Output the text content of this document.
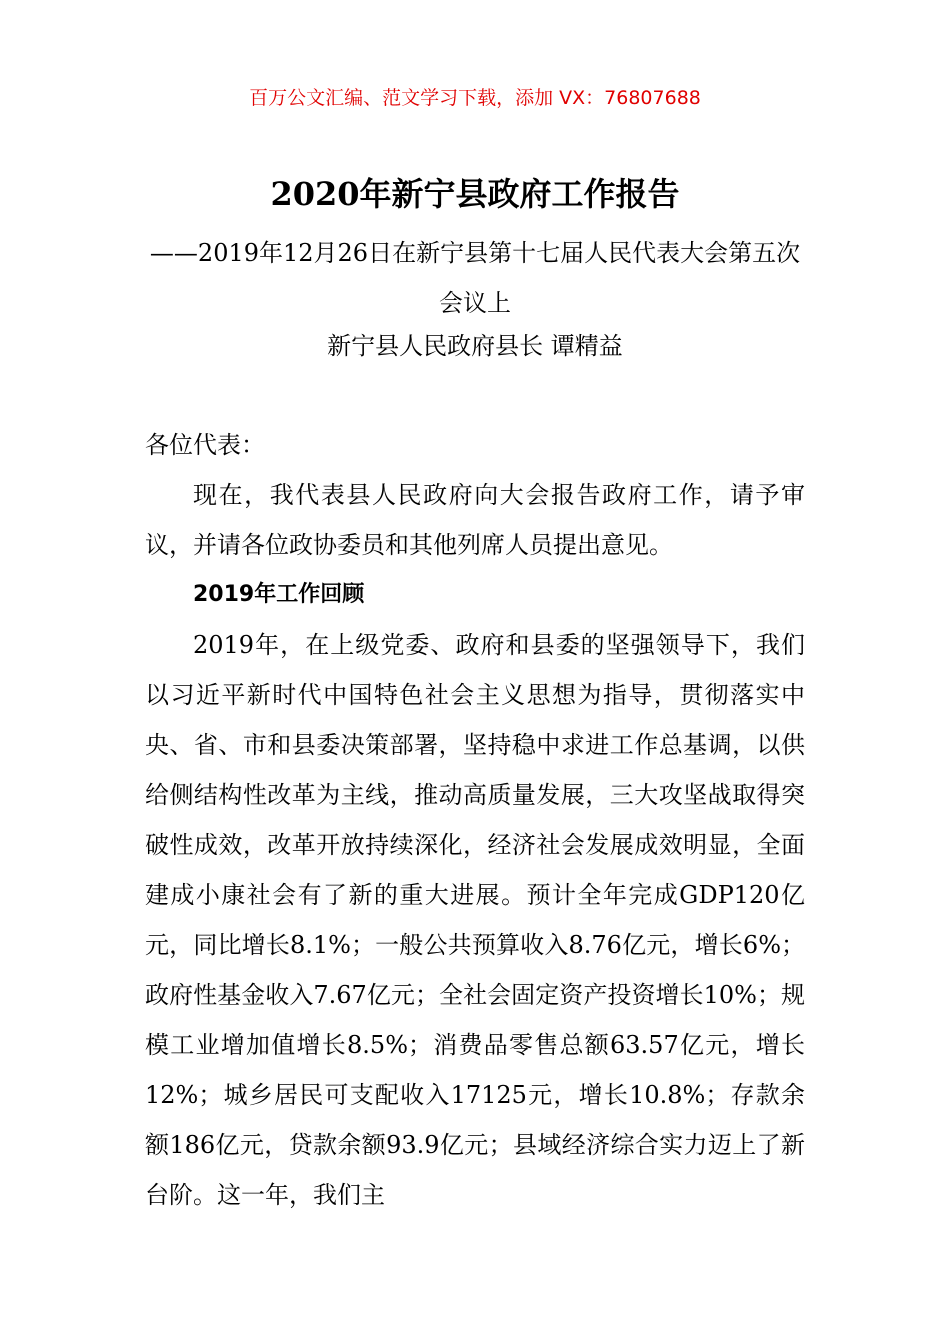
百万公文汇编、范文学习下载，添加 VX：76807688
2020年新宁县政府工作报告
——2019年12月26日在新宁县第十七届人民代表大会第五次会议上
新宁县人民政府县长 谭精益

各位代表：

现在，我代表县人民政府向大会报告政府工作，请予审议，并请各位政协委员和其他列席人员提出意见。

2019年工作回顾

2019年，在上级党委、政府和县委的坚强领导下，我们以习近平新时代中国特色社会主义思想为指导，贯彻落实中央、省、市和县委决策部署，坚持稳中求进工作总基调，以供给侧结构性改革为主线，推动高质量发展，三大攻坚战取得突破性成效，改革开放持续深化，经济社会发展成效明显，全面建成小康社会有了新的重大进展。预计全年完成GDP120亿元，同比增长8.1%；一般公共预算收入8.76亿元，增长6%；政府性基金收入7.67亿元；全社会固定资产投资增长10%；规模工业增加值增长8.5%；消费品零售总额63.57亿元，增长12%；城乡居民可支配收入17125元，增长10.8%；存款余额186亿元，贷款余额93.9亿元；县域经济综合实力迈上了新台阶。这一年，我们主
